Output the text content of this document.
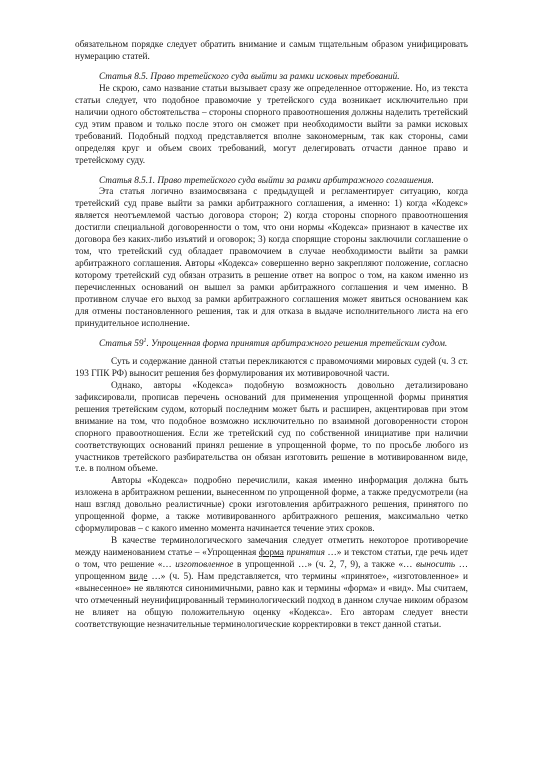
обязательном порядке следует обратить внимание и самым тщательным образом унифицировать нумерацию статей.

Статья 8.5. Право третейского суда выйти за рамки исковых требований.

Не скрою, само название статьи вызывает сразу же определенное отторжение. Но, из текста статьи следует, что подобное правомочие у третейского суда возникает исключительно при наличии одного обстоятельства – стороны спорного правоотношения должны наделить третейский суд этим правом и только после этого он сможет при необходимости выйти за рамки исковых требований. Подобный подход представляется вполне закономерным, так как стороны, сами определяя круг и объем своих требований, могут делегировать отчасти данное право и третейскому суду.

Статья 8.5.1. Право третейского суда выйти за рамки арбитражного соглашения.

Эта статья логично взаимосвязана с предыдущей и регламентирует ситуацию, когда третейский суд праве выйти за рамки арбитражного соглашения, а именно: 1) когда «Кодекс» является неотъемлемой частью договора сторон; 2) когда стороны спорного правоотношения достигли специальной договоренности о том, что они нормы «Кодекса» признают в качестве их договора без каких-либо изъятий и оговорок; 3) когда спорящие стороны заключили соглашение о том, что третейский суд обладает правомочием в случае необходимости выйти за рамки арбитражного соглашения. Авторы «Кодекса» совершенно верно закрепляют положение, согласно которому третейский суд обязан отразить в решение ответ на вопрос о том, на каком именно из перечисленных оснований он вышел за рамки арбитражного соглашения и чем именно. В противном случае его выход за рамки арбитражного соглашения может явиться основанием как для отмены постановленного решения, так и для отказа в выдаче исполнительного листа на его принудительное исполнение.

Статья $59^1$. Упрощенная форма принятия арбитражного решения третейским судом.

Суть и содержание данной статьи перекликаются с правомочиями мировых судей (ч. 3 ст. 193 ГПК РФ) выносит решения без формулирования их мотивировочной части.

Однако, авторы «Кодекса» подобную возможность довольно детализировано зафиксировали, прописав перечень оснований для применения упрощенной формы принятия решения третейским судом, который последним может быть и расширен, акцентировав при этом внимание на том, что подобное возможно исключительно по взаимной договоренности сторон спорного правоотношения. Если же третейский суд по собственной инициативе при наличии соответствующих оснований принял решение в упрощенной форме, то по просьбе любого из участников третейского разбирательства он обязан изготовить решение в мотивированном виде, т.е. в полном объеме.

Авторы «Кодекса» подробно перечислили, какая именно информация должна быть изложена в арбитражном решении, вынесенном по упрощенной форме, а также предусмотрели (на наш взгляд довольно реалистичные) сроки изготовления арбитражного решения, принятого по упрощенной форме, а также мотивированного арбитражного решения, максимально четко сформулировав – с какого именно момента начинается течение этих сроков.

В качестве терминологического замечания следует отметить некоторое противоречие между наименованием статье – «Упрощенная форма принятия …» и текстом статьи, где речь идет о том, что решение «… изготовленное в упрощенной …» (ч. 2, 7, 9), а также «… выносить … упрощенном виде …» (ч. 5). Нам представляется, что термины «принятое», «изготовленное» и «вынесенное» не являются синонимичными, равно как и термины «форма» и «вид». Мы считаем, что отмеченный неунифицированный терминологический подход в данном случае никоим образом не влияет на общую положительную оценку «Кодекса». Его авторам следует внести соответствующие незначительные терминологические корректировки в текст данной статьи.
